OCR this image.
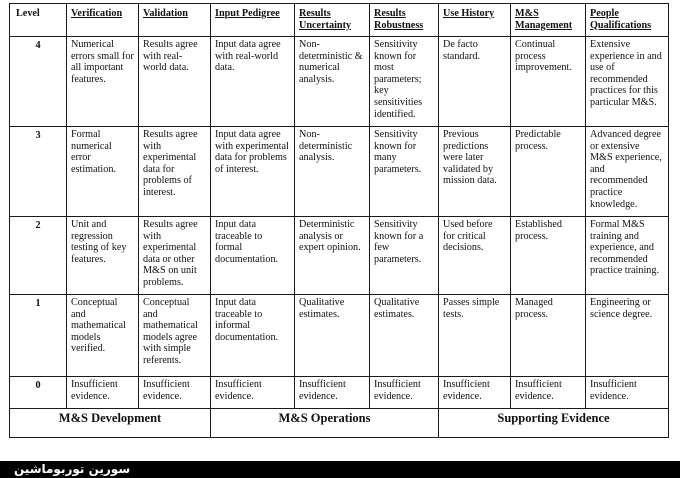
Level	Verification	Validation	Input Pedigree	Results Uncertainty	Results Robustness	Use History	M&S Management	People Qualifications
4	Numerical errors small for all important features.	Results agree with real-world data.	Input data agree with real-world data.	Non-deterministic & numerical analysis.	Sensitivity known for most parameters; key sensitivities identified.	De facto standard.	Continual process improvement.	Extensive experience in and use of recommended practices for this particular M&S.
3	Formal numerical error estimation.	Results agree with experimental data for problems of interest.	Input data agree with experimental data for problems of interest.	Non-deterministic analysis.	Sensitivity known for many parameters.	Previous predictions were later validated by mission data.	Predictable process.	Advanced degree or extensive M&S experience, and recommended practice knowledge.
2	Unit and regression testing of key features.	Results agree with experimental data or other M&S on unit problems.	Input data traceable to formal documentation.	Deterministic analysis or expert opinion.	Sensitivity known for a few parameters.	Used before for critical decisions.	Established process.	Formal M&S training and experience, and recommended practice training.
1	Conceptual and mathematical models verified.	Conceptual and mathematical models agree with simple referents.	Input data traceable to informal documentation.	Qualitative estimates.	Qualitative estimates.	Passes simple tests.	Managed process.	Engineering or science degree.
0	Insufficient evidence.	Insufficient evidence.	Insufficient evidence.	Insufficient evidence.	Insufficient evidence.	Insufficient evidence.	Insufficient evidence.	Insufficient evidence.
M&S Development			M&S Operations			Supporting Evidence		
سورين توربوماشين
